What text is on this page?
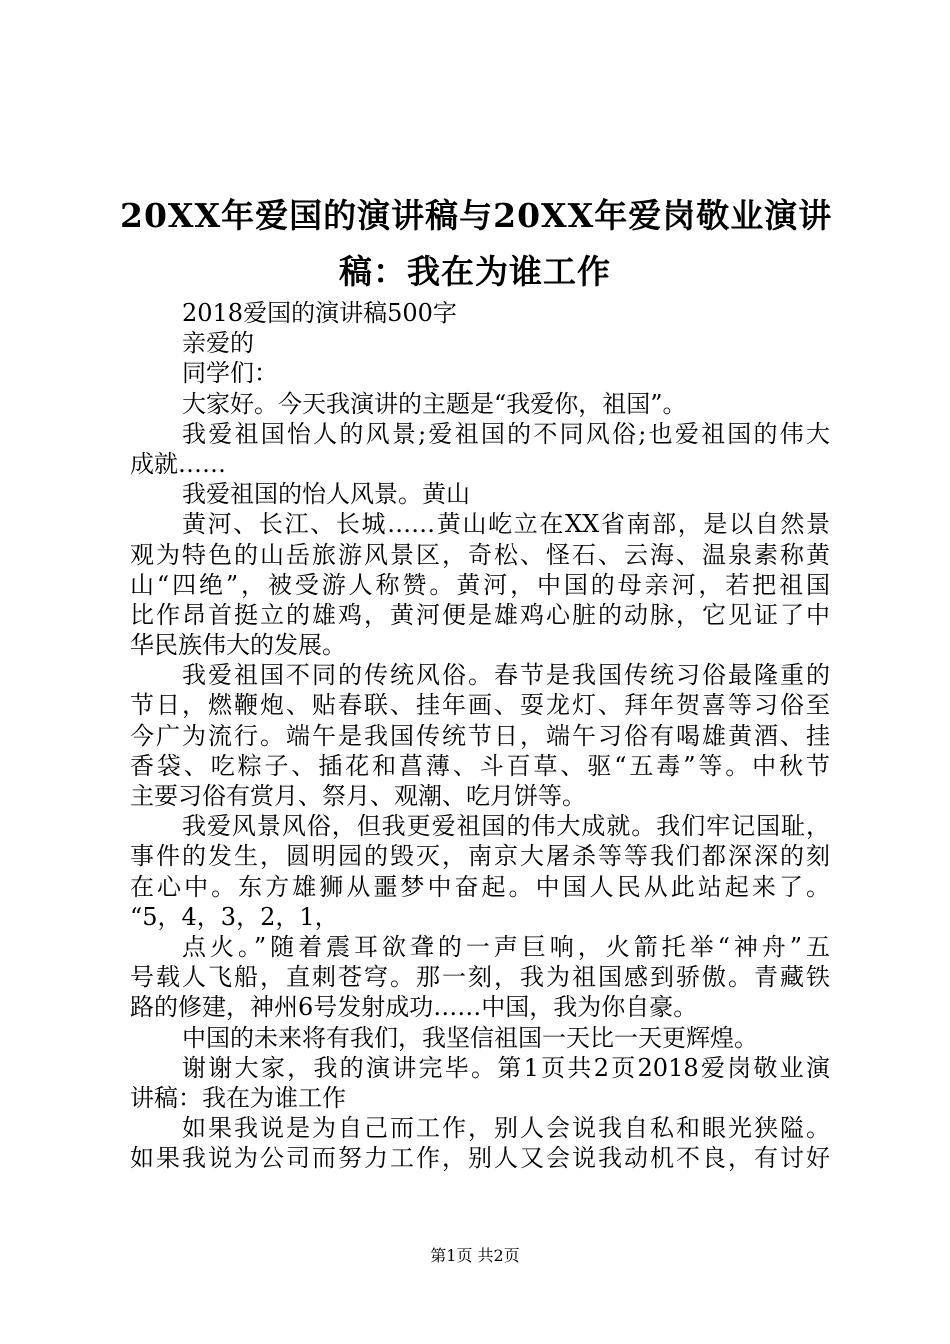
20XX年爱国的演讲稿与20XX年爱岗敬业演讲
稿：我在为谁工作
2018爱国的演讲稿500字
亲爱的
同学们：
大家好。今天我演讲的主题是“我爱你，祖国”。
我爱祖国怡人的风景;爱祖国的不同风俗;也爱祖国的伟大
成就……
我爱祖国的怡人风景。黄山
黄河、长江、长城……黄山屹立在XX省南部，是以自然景
观为特色的山岳旅游风景区，奇松、怪石、云海、温泉素称黄
山“四绝”，被受游人称赞。黄河，中国的母亲河，若把祖国
比作昂首挺立的雄鸡，黄河便是雄鸡心脏的动脉，它见证了中
华民族伟大的发展。
我爱祖国不同的传统风俗。春节是我国传统习俗最隆重的
节日，燃鞭炮、贴春联、挂年画、耍龙灯、拜年贺喜等习俗至
今广为流行。端午是我国传统节日，端午习俗有喝雄黄酒、挂
香袋、吃粽子、插花和菖薄、斗百草、驱“五毒”等。中秋节
主要习俗有赏月、祭月、观潮、吃月饼等。
我爱风景风俗，但我更爱祖国的伟大成就。我们牢记国耻，
事件的发生，圆明园的毁灭，南京大屠杀等等我们都深深的刻
在心中。东方雄狮从噩梦中奋起。中国人民从此站起来了。
“5，4，3，2，1，
点火。”随着震耳欲聋的一声巨响，火箭托举“神舟”五
号载人飞船，直刺苍穹。那一刻，我为祖国感到骄傲。青藏铁
路的修建，神州6号发射成功……中国，我为你自豪。
中国的未来将有我们，我坚信祖国一天比一天更辉煌。
谢谢大家，我的演讲完毕。第1页共2页2018爱岗敬业演
讲稿：我在为谁工作
如果我说是为自己而工作，别人会说我自私和眼光狭隘。
如果我说为公司而努力工作，别人又会说我动机不良，有讨好
第1页 共2页
